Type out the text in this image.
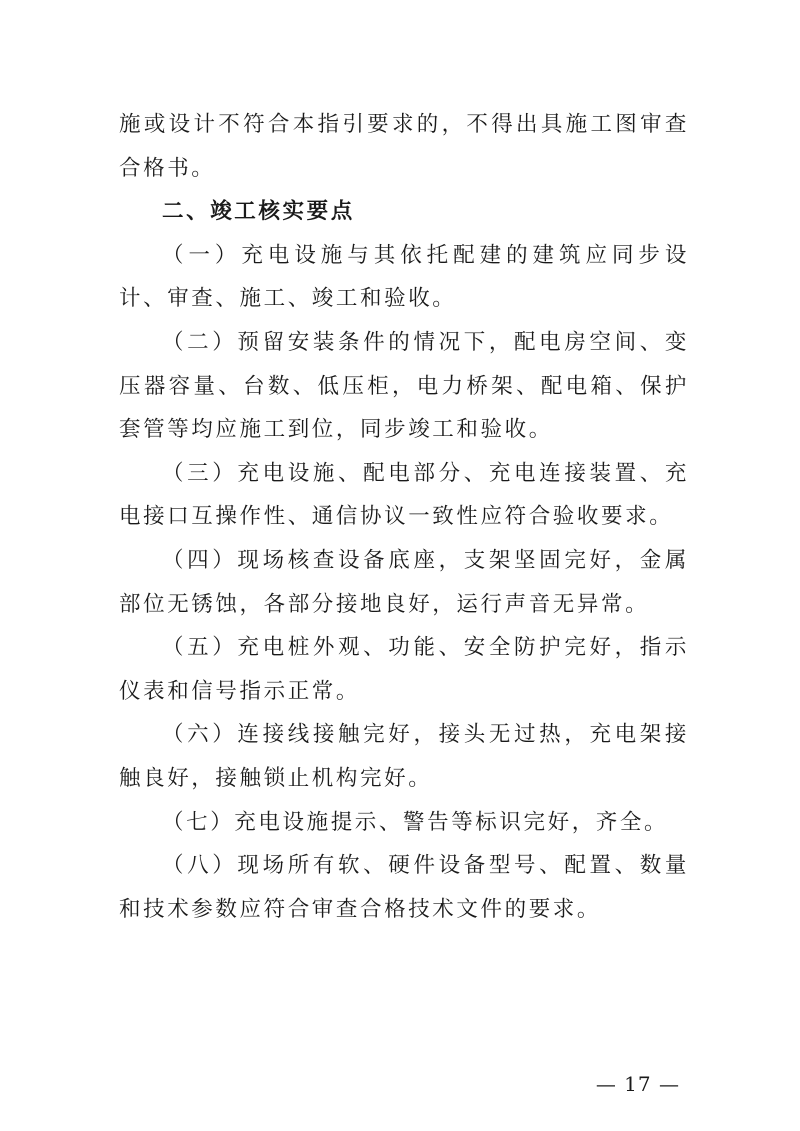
施或设计不符合本指引要求的，不得出具施工图审查合格书。

二、竣工核实要点

（一）充电设施与其依托配建的建筑应同步设计、审查、施工、竣工和验收。

（二）预留安装条件的情况下，配电房空间、变压器容量、台数、低压柜，电力桥架、配电箱、保护套管等均应施工到位，同步竣工和验收。

（三）充电设施、配电部分、充电连接装置、充电接口互操作性、通信协议一致性应符合验收要求。

（四）现场核查设备底座，支架坚固完好，金属部位无锈蚀，各部分接地良好，运行声音无异常。

（五）充电桩外观、功能、安全防护完好，指示仪表和信号指示正常。

（六）连接线接触完好，接头无过热，充电架接触良好，接触锁止机构完好。

（七）充电设施提示、警告等标识完好，齐全。

（八）现场所有软、硬件设备型号、配置、数量和技术参数应符合审查合格技术文件的要求。

— 17 —
